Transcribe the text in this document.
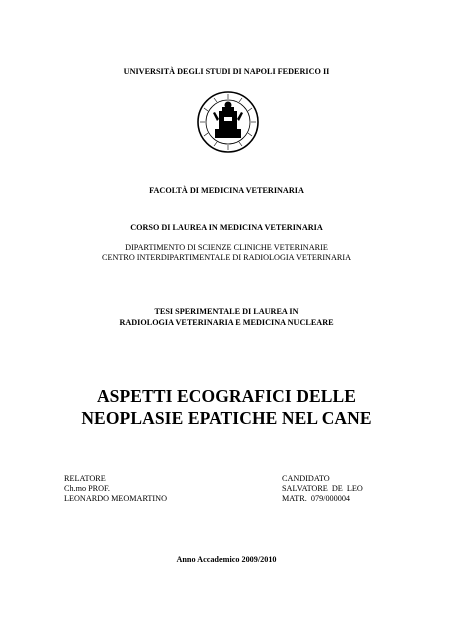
UNIVERSITÀ DEGLI STUDI DI NAPOLI FEDERICO II
FACOLTÀ DI MEDICINA VETERINARIA
CORSO DI LAUREA IN MEDICINA VETERINARIA
DIPARTIMENTO DI SCIENZE CLINICHE VETERINARIE
CENTRO INTERDIPARTIMENTALE DI RADIOLOGIA VETERINARIA
TESI SPERIMENTALE DI LAUREA IN
RADIOLOGIA VETERINARIA E MEDICINA NUCLEARE
ASPETTI ECOGRAFICI DELLE
NEOPLASIE EPATICHE NEL CANE
RELATORE
Ch.mo PROF.
LEONARDO MEOMARTINO
CANDIDATO
SALVATORE  DE  LEO
MATR.  079/000004
Anno Accademico 2009/2010
